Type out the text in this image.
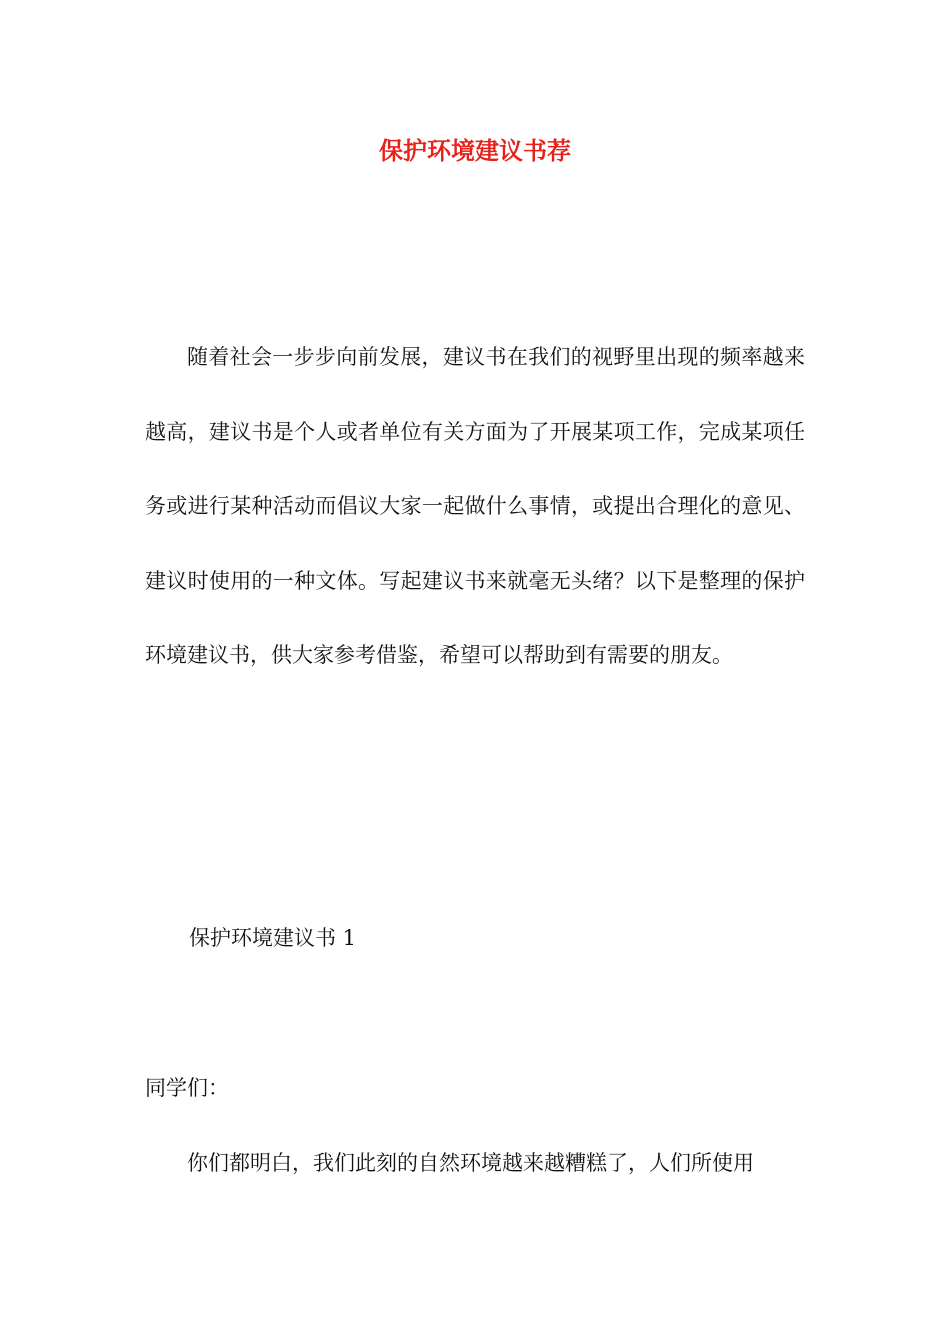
保护环境建议书荐

随着社会一步步向前发展，建议书在我们的视野里出现的频率越来越高，建议书是个人或者单位有关方面为了开展某项工作，完成某项任务或进行某种活动而倡议大家一起做什么事情，或提出合理化的意见、建议时使用的一种文体。写起建议书来就毫无头绪？以下是整理的保护环境建议书，供大家参考借鉴，希望可以帮助到有需要的朋友。

保护环境建议书 1

同学们：

你们都明白，我们此刻的自然环境越来越糟糕了，人们所使用
